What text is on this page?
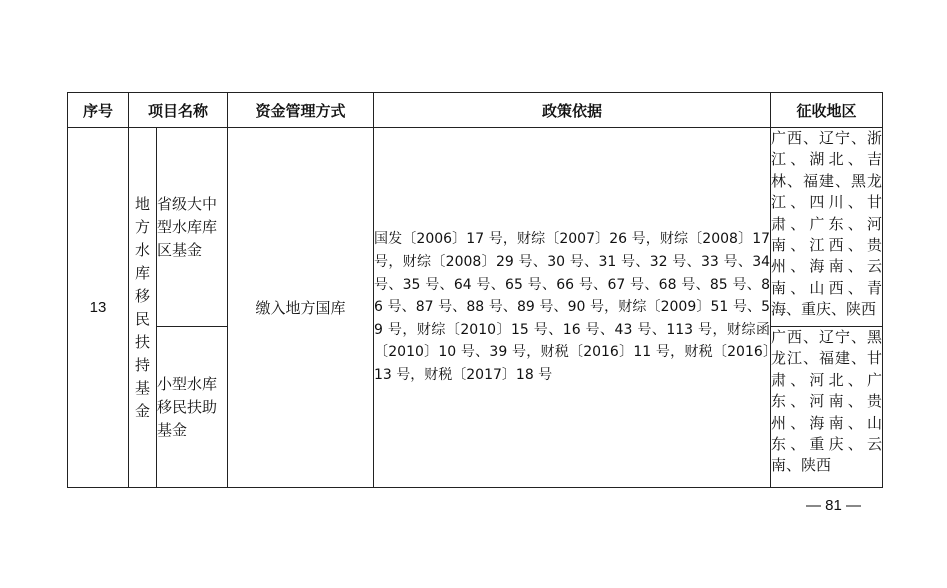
序号	项目名称		资金管理方式	政策依据	征收地区
13	地方水库移民扶持基金	省级大中型水库库区基金	缴入地方国库	国发〔2006〕17 号，财综〔2007〕26 号，财综〔2008〕17 号，财综〔2008〕29 号、30 号、31 号、32 号、33 号、34 号、35 号、64 号、65 号、66 号、67 号、68 号、85 号、86 号、87 号、88 号、89 号、90 号，财综〔2009〕51 号、59 号，财综〔2010〕15 号、16 号、43 号、113 号，财综函〔2010〕10 号、39 号，财税〔2016〕11 号，财税〔2016〕13 号，财税〔2017〕18 号	广西、辽宁、浙江、湖北、吉林、福建、黑龙江、四川、甘肃、广东、河南、江西、贵州、海南、云南、山西、青海、重庆、陕西

		小型水库移民扶助基金			广西、辽宁、黑龙江、福建、甘肃、河北、广东、河南、贵州、海南、山东、重庆、云南、陕西
— 81 —
